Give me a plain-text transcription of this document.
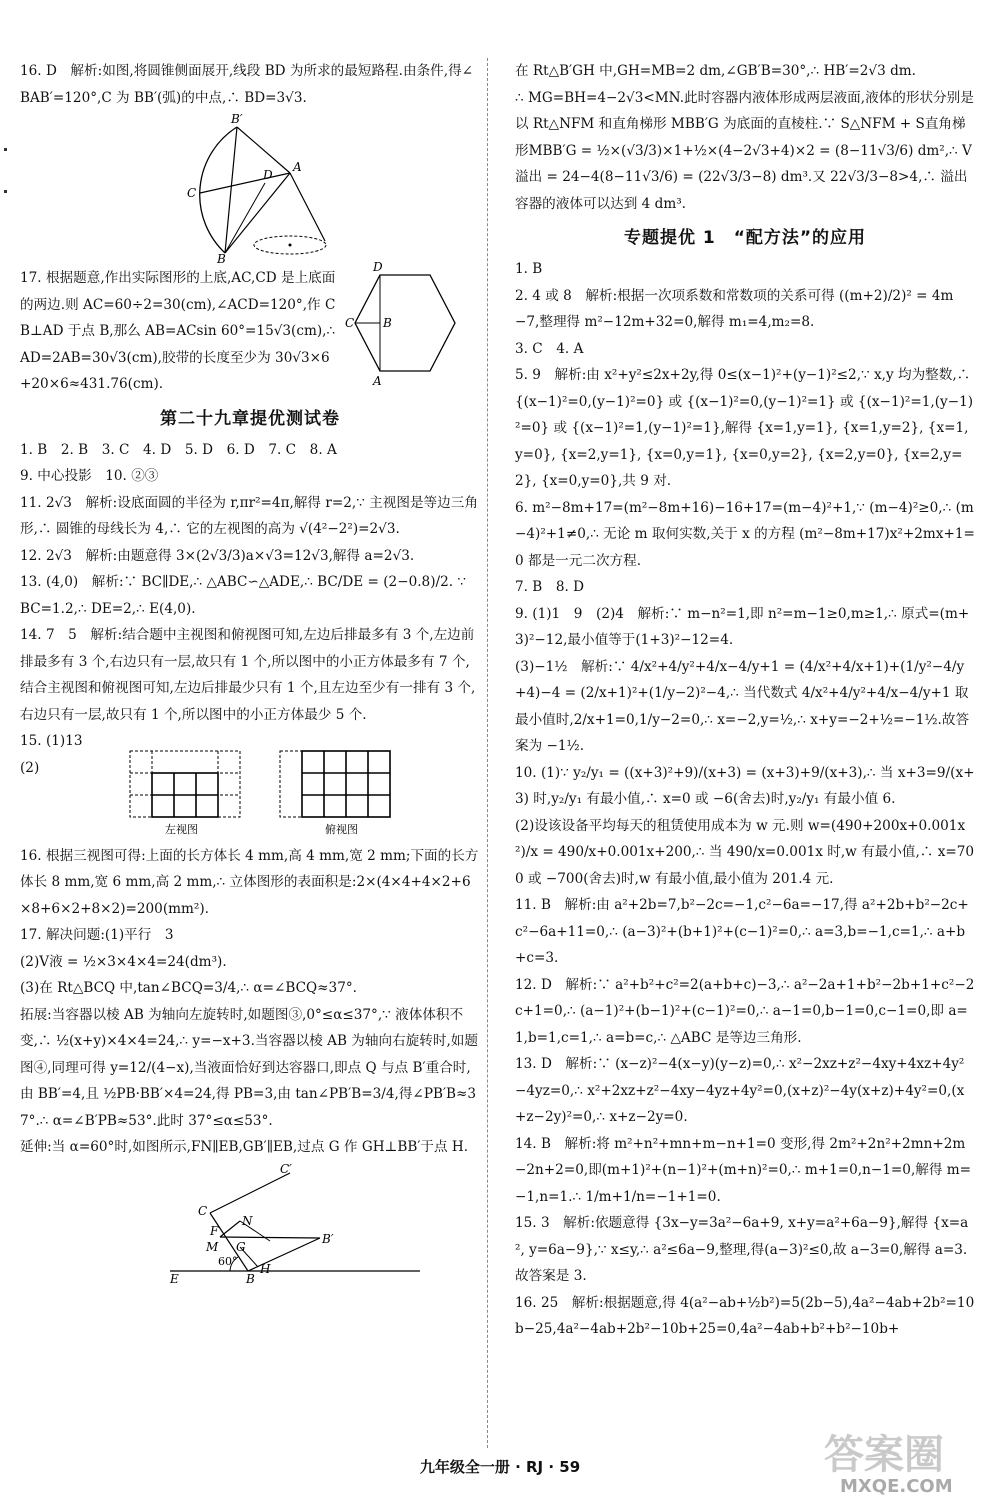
16. D　解析:如图,将圆锥侧面展开,线段 BD 为所求的最短路程.由条件,得∠BAB′=120°,C 为 BB′(弧)的中点,∴ BD=3√3.

B′
C
D
A
B

17. 根据题意,作出实际图形的上底,AC,CD 是上底面的两边.则 AC=60÷2=30(cm),∠ACD=120°,作 CB⊥AD 于点 B,那么 AB=ACsin 60°=15√3(cm),∴ AD=2AB=30√3(cm),胶带的长度至少为 30√3×6+20×6≈431.76(cm).

D
C B
A
第二十九章提优测试卷

1. B　2. B　3. C　4. D　5. D　6. D　7. C　8. A

9. 中心投影　10. ②③

11. 2√3　解析:设底面圆的半径为 r,πr²=4π,解得 r=2,∵ 主视图是等边三角形,∴ 圆锥的母线长为 4,∴ 它的左视图的高为 √(4²−2²)=2√3.

12. 2√3　解析:由题意得 3×(2√3/3)a×√3=12√3,解得 a=2√3.

13. (4,0)　解析:∵ BC∥DE,∴ △ABC∽△ADE,∴ BC/DE = (2−0.8)/2. ∵ BC=1.2,∴ DE=2,∴ E(4,0).

14. 7　5　解析:结合题中主视图和俯视图可知,左边后排最多有 3 个,左边前排最多有 3 个,右边只有一层,故只有 1 个,所以图中的小正方体最多有 7 个,结合主视图和俯视图可知,左边后排最少只有 1 个,且左边至少有一排有 3 个,右边只有一层,故只有 1 个,所以图中的小正方体最少 5 个.

15. (1)13

(2)

左视图	俯视图

16. 根据三视图可得:上面的长方体长 4 mm,高 4 mm,宽 2 mm;下面的长方体长 8 mm,宽 6 mm,高 2 mm,∴ 立体图形的表面积是:2×(4×4+4×2+6×8+6×2+8×2)=200(mm²).

17. 解决问题:(1)平行　3

(2)V液 = ½×3×4×4=24(dm³).

(3)在 Rt△BCQ 中,tan∠BCQ=3/4,∴ α=∠BCQ≈37°.

拓展:当容器以棱 AB 为轴向左旋转时,如题图③,0°≤α≤37°,∵ 液体体积不变,∴ ½(x+y)×4×4=24,∴ y=−x+3.当容器以棱 AB 为轴向右旋转时,如题图④,同理可得 y=12/(4−x),当液面恰好到达容器口,即点 Q 与点 B′重合时,由 BB′=4,且 ½PB·BB′×4=24,得 PB=3,由 tan∠PB′B=3/4,得∠PB′B≈37°.∴ α=∠B′PB≈53°.此时 37°≤α≤53°.

延伸:当 α=60°时,如图所示,FN∥EB,GB′∥EB,过点 G 作 GH⊥BB′于点 H.

C′
C
F
N
M G
B′
E	B
H
60°

在 Rt△B′GH 中,GH=MB=2 dm,∠GB′B=30°,∴ HB′=2√3 dm.

∴ MG=BH=4−2√3<MN.此时容器内液体形成两层液面,液体的形状分别是以 Rt△NFM 和直角梯形 MBB′G 为底面的直棱柱.∵ S△NFM + S直角梯形MBB′G = ½×(√3/3)×1+½×(4−2√3+4)×2 = (8−11√3/6) dm²,∴ V溢出 = 24−4(8−11√3/6) = (22√3/3−8) dm³.又 22√3/3−8>4,∴ 溢出容器的液体可以达到 4 dm³.

专题提优 1　“配方法”的应用

1. B

2. 4 或 8　解析:根据一次项系数和常数项的关系可得 ((m+2)/2)² = 4m−7,整理得 m²−12m+32=0,解得 m₁=4,m₂=8.

3. C　4. A

5. 9　解析:由 x²+y²≤2x+2y,得 0≤(x−1)²+(y−1)²≤2,∵ x,y 均为整数,∴ {(x−1)²=0,(y−1)²=0} 或 {(x−1)²=0,(y−1)²=1} 或 {(x−1)²=1,(y−1)²=0} 或 {(x−1)²=1,(y−1)²=1},解得 {x=1,y=1}, {x=1,y=2}, {x=1,y=0}, {x=2,y=1}, {x=0,y=1}, {x=0,y=2}, {x=2,y=0}, {x=2,y=2}, {x=0,y=0},共 9 对.

6. m²−8m+17=(m²−8m+16)−16+17=(m−4)²+1,∵ (m−4)²≥0,∴ (m−4)²+1≠0,∴ 无论 m 取何实数,关于 x 的方程 (m²−8m+17)x²+2mx+1=0 都是一元二次方程.

7. B　8. D

9. (1)1　9　(2)4　解析:∵ m−n²=1,即 n²=m−1≥0,m≥1,∴ 原式=(m+3)²−12,最小值等于(1+3)²−12=4.

(3)−1½　解析:∵ 4/x²+4/y²+4/x−4/y+1 = (4/x²+4/x+1)+(1/y²−4/y+4)−4 = (2/x+1)²+(1/y−2)²−4,∴ 当代数式 4/x²+4/y²+4/x−4/y+1 取最小值时,2/x+1=0,1/y−2=0,∴ x=−2,y=½,∴ x+y=−2+½=−1½.故答案为 −1½.

10. (1)∵ y₂/y₁ = ((x+3)²+9)/(x+3) = (x+3)+9/(x+3),∴ 当 x+3=9/(x+3) 时,y₂/y₁ 有最小值,∴ x=0 或 −6(舍去)时,y₂/y₁ 有最小值 6.

(2)设该设备平均每天的租赁使用成本为 w 元.则 w=(490+200x+0.001x²)/x = 490/x+0.001x+200,∴ 当 490/x=0.001x 时,w 有最小值,∴ x=700 或 −700(舍去)时,w 有最小值,最小值为 201.4 元.

11. B　解析:由 a²+2b=7,b²−2c=−1,c²−6a=−17,得 a²+2b+b²−2c+c²−6a+11=0,∴ (a−3)²+(b+1)²+(c−1)²=0,∴ a=3,b=−1,c=1,∴ a+b+c=3.

12. D　解析:∵ a²+b²+c²=2(a+b+c)−3,∴ a²−2a+1+b²−2b+1+c²−2c+1=0,∴ (a−1)²+(b−1)²+(c−1)²=0,∴ a−1=0,b−1=0,c−1=0,即 a=1,b=1,c=1,∴ a=b=c,∴ △ABC 是等边三角形.

13. D　解析:∵ (x−z)²−4(x−y)(y−z)=0,∴ x²−2xz+z²−4xy+4xz+4y²−4yz=0,∴ x²+2xz+z²−4xy−4yz+4y²=0,(x+z)²−4y(x+z)+4y²=0,(x+z−2y)²=0,∴ x+z−2y=0.

14. B　解析:将 m²+n²+mn+m−n+1=0 变形,得 2m²+2n²+2mn+2m−2n+2=0,即(m+1)²+(n−1)²+(m+n)²=0,∴ m+1=0,n−1=0,解得 m=−1,n=1.∴ 1/m+1/n=−1+1=0.

15. 3　解析:依题意得 {3x−y=3a²−6a+9, x+y=a²+6a−9},解得 {x=a², y=6a−9},∵ x≤y,∴ a²≤6a−9,整理,得(a−3)²≤0,故 a−3=0,解得 a=3.故答案是 3.

16. 25　解析:根据题意,得 4(a²−ab+½b²)=5(2b−5),4a²−4ab+2b²=10b−25,4a²−4ab+2b²−10b+25=0,4a²−4ab+b²+b²−10b+

九年级全一册 · RJ · 59	答案圈
MXQE.COM
